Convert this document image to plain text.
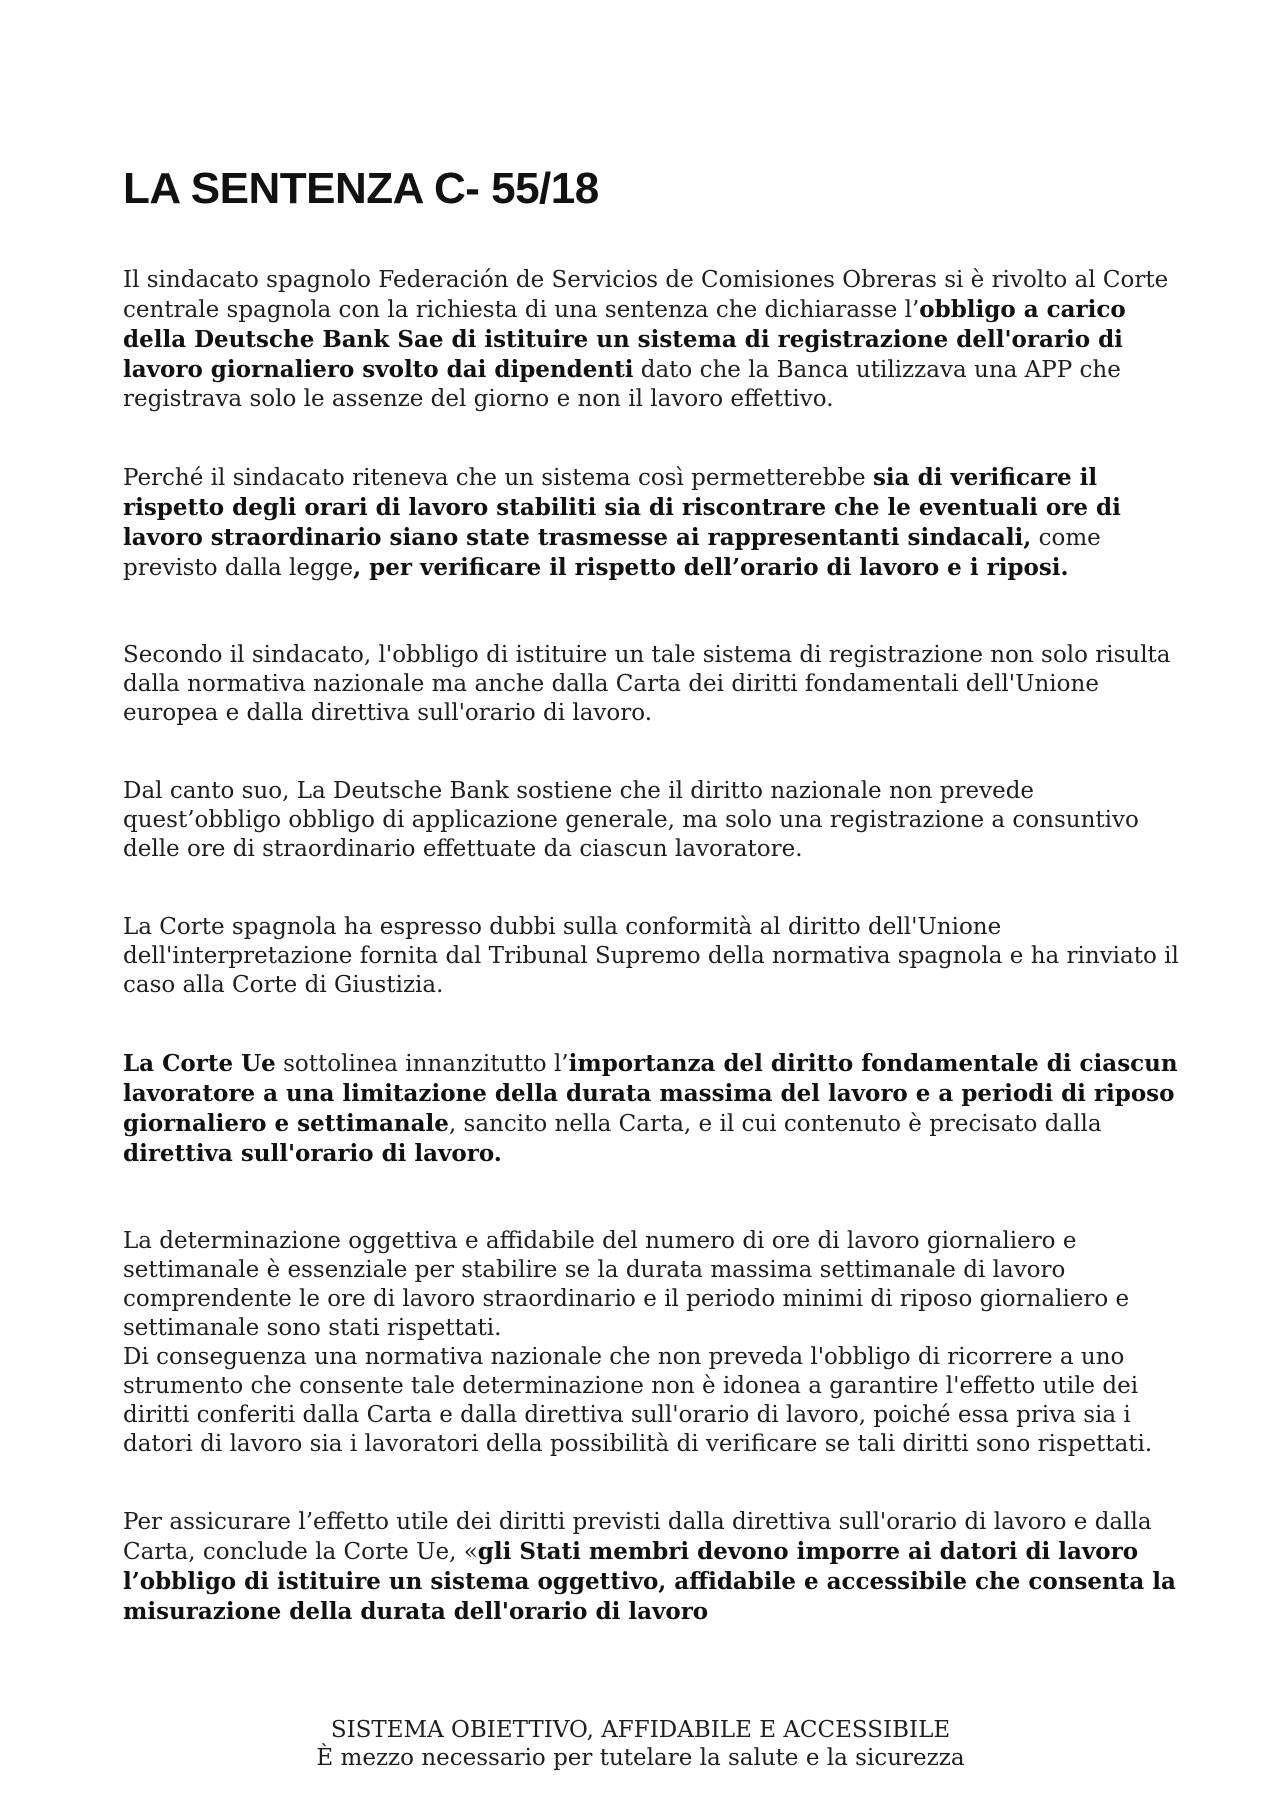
LA SENTENZA C- 55/18

Il sindacato spagnolo Federación de Servicios de Comisiones Obreras si è rivolto al Corte centrale spagnola con la richiesta di una sentenza che dichiarasse l’obbligo a carico della Deutsche Bank Sae di istituire un sistema di registrazione dell'orario di lavoro giornaliero svolto dai dipendenti dato che la Banca utilizzava una APP che registrava solo le assenze del giorno e non il lavoro effettivo.

Perché il sindacato riteneva che un sistema così permetterebbe sia di verificare il rispetto degli orari di lavoro stabiliti sia di riscontrare che le eventuali ore di lavoro straordinario siano state trasmesse ai rappresentanti sindacali, come previsto dalla legge, per verificare il rispetto dell’orario di lavoro e i riposi.

Secondo il sindacato, l'obbligo di istituire un tale sistema di registrazione non solo risulta dalla normativa nazionale ma anche dalla Carta dei diritti fondamentali dell'Unione europea e dalla direttiva sull'orario di lavoro.

Dal canto suo, La Deutsche Bank sostiene che il diritto nazionale non prevede quest’obbligo obbligo di applicazione generale, ma solo una registrazione a consuntivo delle ore di straordinario effettuate da ciascun lavoratore.

La Corte spagnola ha espresso dubbi sulla conformità al diritto dell'Unione dell'interpretazione fornita dal Tribunal Supremo della normativa spagnola e ha rinviato il caso alla Corte di Giustizia.

La Corte Ue sottolinea innanzitutto l’importanza del diritto fondamentale di ciascun lavoratore a una limitazione della durata massima del lavoro e a periodi di riposo giornaliero e settimanale, sancito nella Carta, e il cui contenuto è precisato dalla direttiva sull'orario di lavoro.

La determinazione oggettiva e affidabile del numero di ore di lavoro giornaliero e settimanale è essenziale per stabilire se la durata massima settimanale di lavoro comprendente le ore di lavoro straordinario e il periodo minimi di riposo giornaliero e settimanale sono stati rispettati.

Di conseguenza una normativa nazionale che non preveda l'obbligo di ricorrere a uno strumento che consente tale determinazione non è idonea a garantire l'effetto utile dei diritti conferiti dalla Carta e dalla direttiva sull'orario di lavoro, poiché essa priva sia i datori di lavoro sia i lavoratori della possibilità di verificare se tali diritti sono rispettati.

Per assicurare l’effetto utile dei diritti previsti dalla direttiva sull'orario di lavoro e dalla Carta, conclude la Corte Ue, «gli Stati membri devono imporre ai datori di lavoro l’obbligo di istituire un sistema oggettivo, affidabile e accessibile che consenta la misurazione della durata dell'orario di lavoro

SISTEMA OBIETTIVO, AFFIDABILE E ACCESSIBILE
È mezzo necessario per tutelare la salute e la sicurezza
